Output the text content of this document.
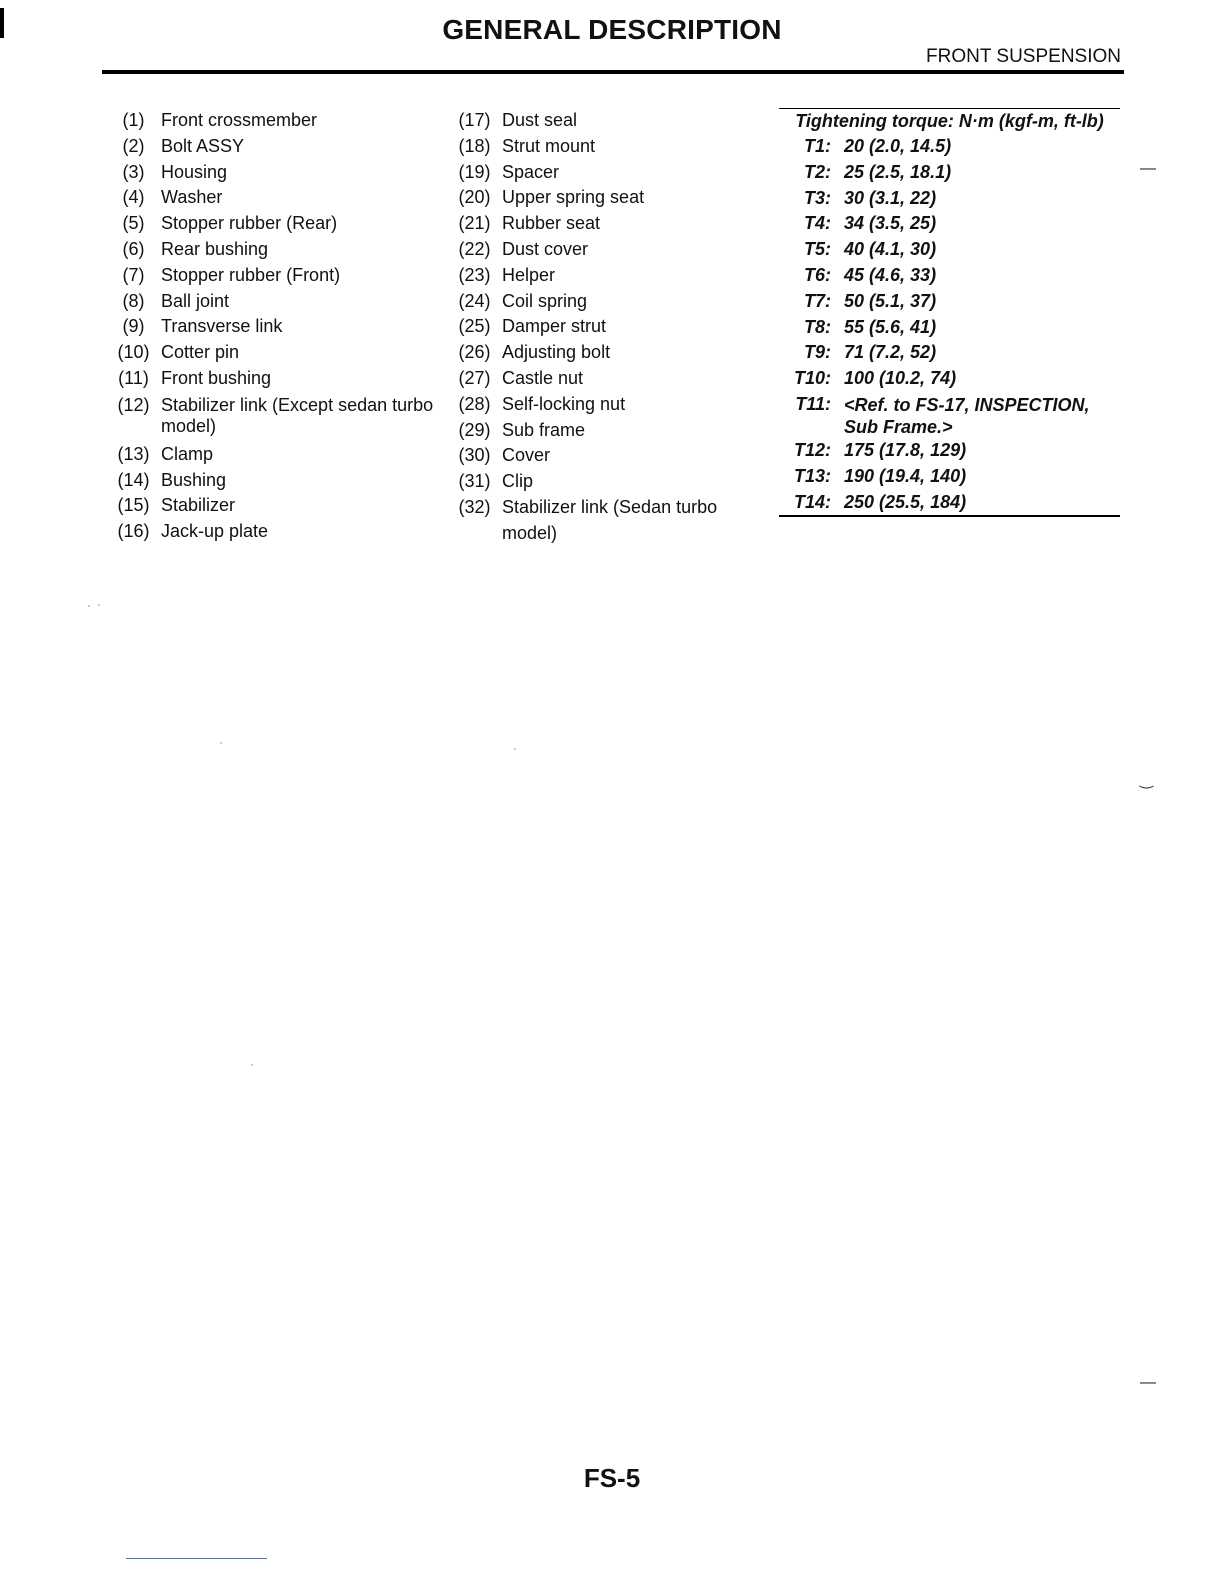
GENERAL DESCRIPTION
FRONT SUSPENSION
(1) Front crossmember
(2) Bolt ASSY
(3) Housing
(4) Washer
(5) Stopper rubber (Rear)
(6) Rear bushing
(7) Stopper rubber (Front)
(8) Ball joint
(9) Transverse link
(10) Cotter pin
(11) Front bushing
(12) Stabilizer link (Except sedan turbo model)
(13) Clamp
(14) Bushing
(15) Stabilizer
(16) Jack-up plate
(17) Dust seal
(18) Strut mount
(19) Spacer
(20) Upper spring seat
(21) Rubber seat
(22) Dust cover
(23) Helper
(24) Coil spring
(25) Damper strut
(26) Adjusting bolt
(27) Castle nut
(28) Self-locking nut
(29) Sub frame
(30) Cover
(31) Clip
(32) Stabilizer link (Sedan turbo model)
Tightening torque: N·m (kgf-m, ft-lb)
T1: 20 (2.0, 14.5)
T2: 25 (2.5, 18.1)
T3: 30 (3.1, 22)
T4: 34 (3.5, 25)
T5: 40 (4.1, 30)
T6: 45 (4.6, 33)
T7: 50 (5.1, 37)
T8: 55 (5.6, 41)
T9: 71 (7.2, 52)
T10: 100 (10.2, 74)
T11: <Ref. to FS-17, INSPECTION, Sub Frame.>
T12: 175 (17.8, 129)
T13: 190 (19.4, 140)
T14: 250 (25.5, 184)
—
‿
—
FS-5
